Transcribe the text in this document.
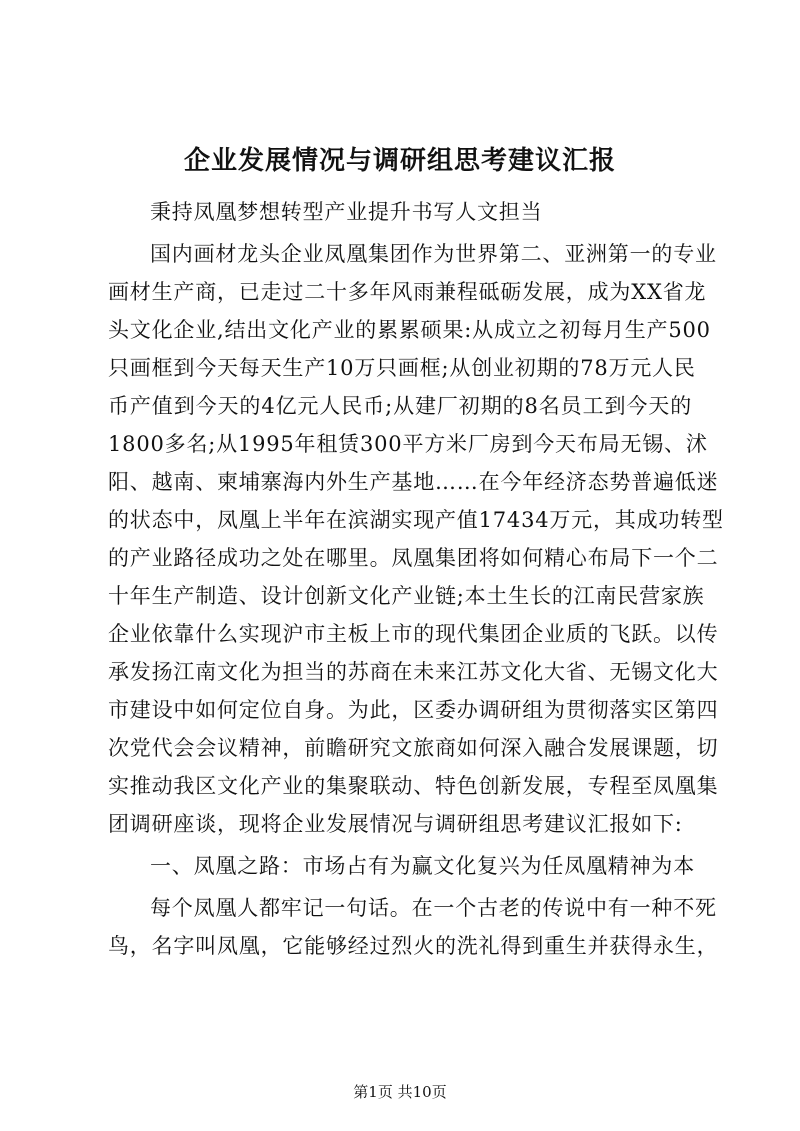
企业发展情况与调研组思考建议汇报

秉持凤凰梦想转型产业提升书写人文担当

国内画材龙头企业凤凰集团作为世界第二、亚洲第一的专业

画材生产商，已走过二十多年风雨兼程砥砺发展，成为XX省龙

头文化企业,结出文化产业的累累硕果:从成立之初每月生产500

只画框到今天每天生产10万只画框;从创业初期的78万元人民

币产值到今天的4亿元人民币;从建厂初期的8名员工到今天的

1800多名;从1995年租赁300平方米厂房到今天布局无锡、沭

阳、越南、柬埔寨海内外生产基地……在今年经济态势普遍低迷

的状态中，凤凰上半年在滨湖实现产值17434万元，其成功转型

的产业路径成功之处在哪里。凤凰集团将如何精心布局下一个二

十年生产制造、设计创新文化产业链;本土生长的江南民营家族

企业依靠什么实现沪市主板上市的现代集团企业质的飞跃。以传

承发扬江南文化为担当的苏商在未来江苏文化大省、无锡文化大

市建设中如何定位自身。为此，区委办调研组为贯彻落实区第四

次党代会会议精神，前瞻研究文旅商如何深入融合发展课题，切

实推动我区文化产业的集聚联动、特色创新发展，专程至凤凰集

团调研座谈，现将企业发展情况与调研组思考建议汇报如下:

一、凤凰之路：市场占有为赢文化复兴为任凤凰精神为本

每个凤凰人都牢记一句话。在一个古老的传说中有一种不死

鸟，名字叫凤凰，它能够经过烈火的洗礼得到重生并获得永生，

第1页 共10页
